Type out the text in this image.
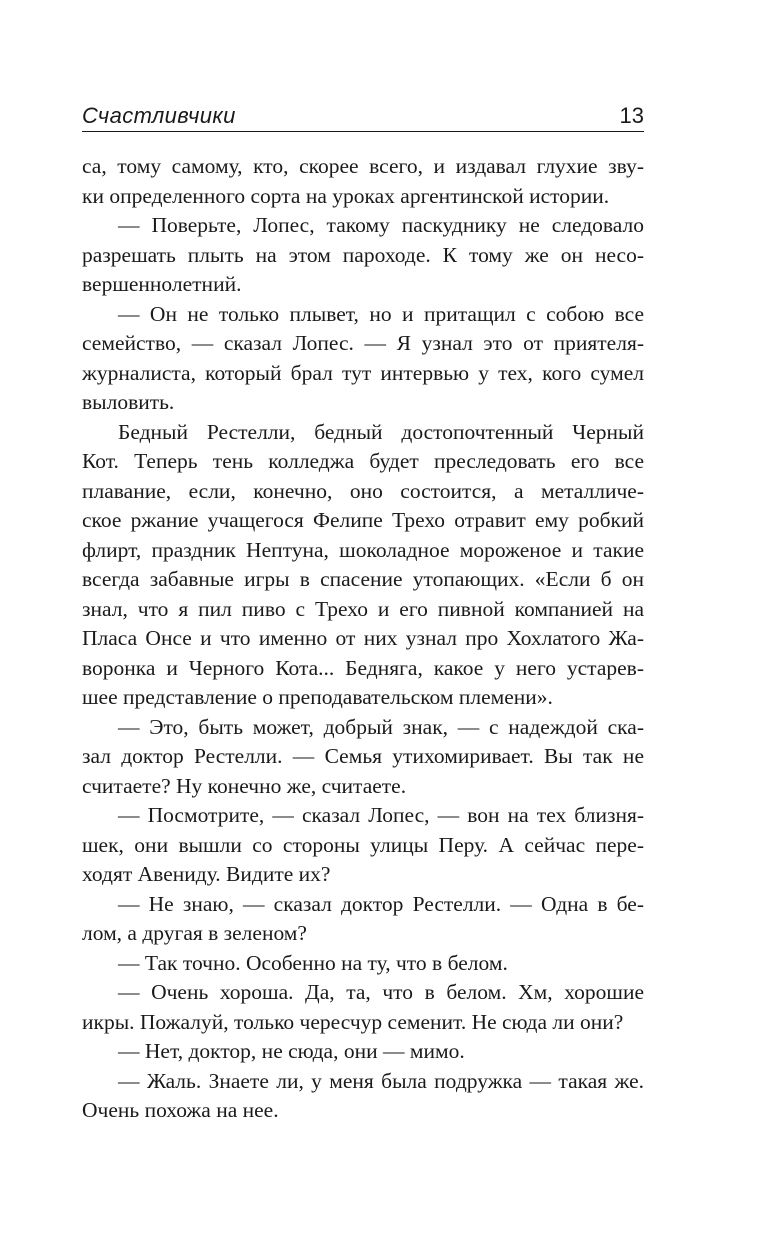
Счастливчики	13
са, тому самому, кто, скорее всего, и издавал глухие зву-
ки определенного сорта на уроках аргентинской истории.
— Поверьте, Лопес, такому паскуднику не следовало
разрешать плыть на этом пароходе. К тому же он несо-
вершеннолетний.
— Он не только плывет, но и притащил с собою все
семейство, — сказал Лопес. — Я узнал это от приятеля-
журналиста, который брал тут интервью у тех, кого сумел
выловить.
Бедный Рестелли, бедный достопочтенный Черный
Кот. Теперь тень колледжа будет преследовать его все
плавание, если, конечно, оно состоится, а металличе-
ское ржание учащегося Фелипе Трехо отравит ему робкий
флирт, праздник Нептуна, шоколадное мороженое и такие
всегда забавные игры в спасение утопающих. «Если б он
знал, что я пил пиво с Трехо и его пивной компанией на
Пласа Онсе и что именно от них узнал про Хохлатого Жа-
воронка и Черного Кота... Бедняга, какое у него устарев-
шее представление о преподавательском племени».
— Это, быть может, добрый знак, — с надеждой ска-
зал доктор Рестелли. — Семья утихомиривает. Вы так не
считаете? Ну конечно же, считаете.
— Посмотрите, — сказал Лопес, — вон на тех близня-
шек, они вышли со стороны улицы Перу. А сейчас пере-
ходят Авениду. Видите их?
— Не знаю, — сказал доктор Рестелли. — Одна в бе-
лом, а другая в зеленом?
— Так точно. Особенно на ту, что в белом.
— Очень хороша. Да, та, что в белом. Хм, хорошие
икры. Пожалуй, только чересчур семенит. Не сюда ли они?
— Нет, доктор, не сюда, они — мимо.
— Жаль. Знаете ли, у меня была подружка — такая же.
Очень похожа на нее.
